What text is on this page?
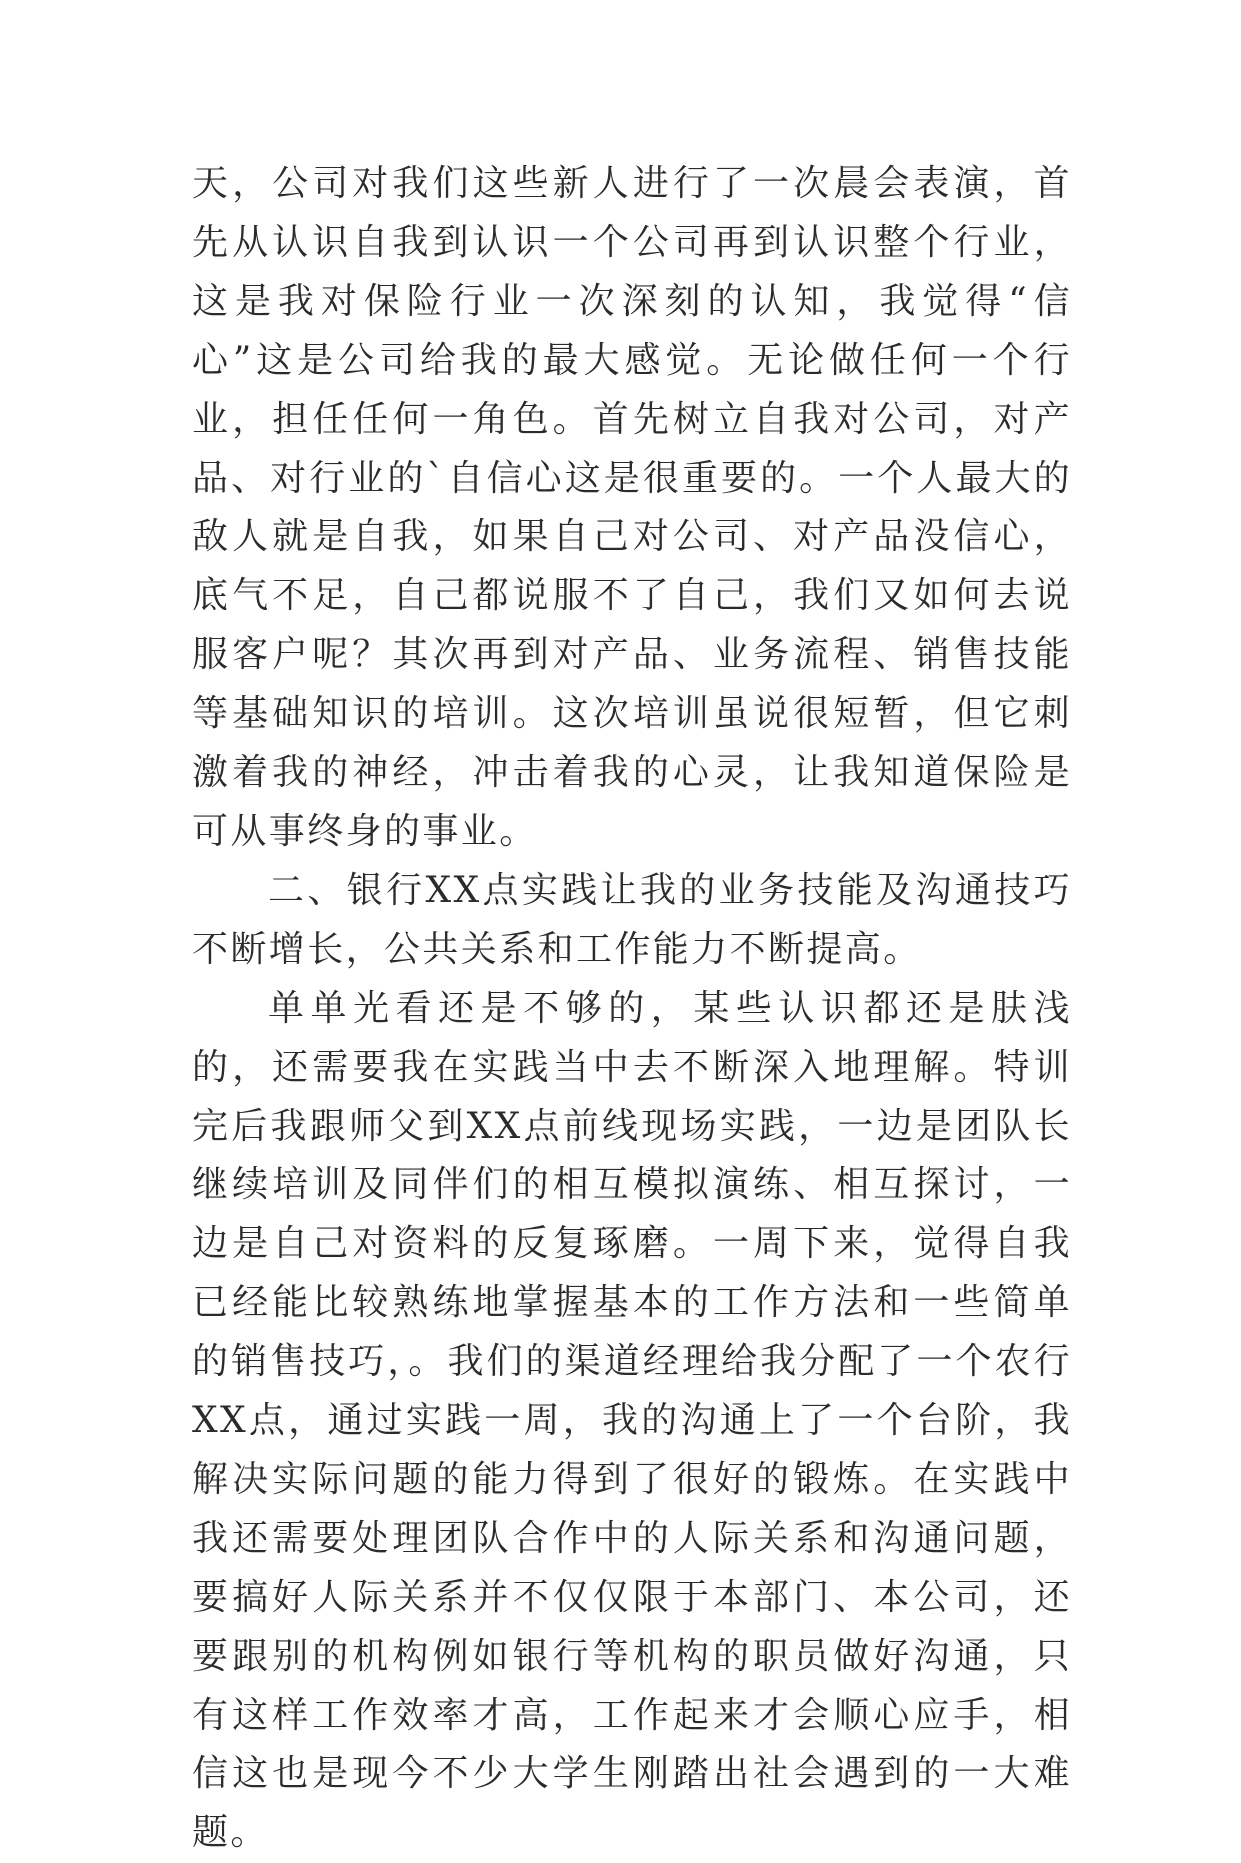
天，公司对我们这些新人进行了一次晨会表演，首先从认识自我到认识一个公司再到认识整个行业，这是我对保险行业一次深刻的认知，我觉得“信心”这是公司给我的最大感觉。无论做任何一个行业，担任任何一角色。首先树立自我对公司，对产品、对行业的`自信心这是很重要的。一个人最大的敌人就是自我，如果自己对公司、对产品没信心，底气不足，自己都说服不了自己，我们又如何去说服客户呢？其次再到对产品、业务流程、销售技能等基础知识的培训。这次培训虽说很短暂，但它刺激着我的神经，冲击着我的心灵，让我知道保险是可从事终身的事业。

二、银行XX点实践让我的业务技能及沟通技巧不断增长，公共关系和工作能力不断提高。

单单光看还是不够的，某些认识都还是肤浅的，还需要我在实践当中去不断深入地理解。特训完后我跟师父到XX点前线现场实践，一边是团队长继续培训及同伴们的相互模拟演练、相互探讨，一边是自己对资料的反复琢磨。一周下来，觉得自我已经能比较熟练地掌握基本的工作方法和一些简单的销售技巧，。我们的渠道经理给我分配了一个农行XX点，通过实践一周，我的沟通上了一个台阶，我解决实际问题的能力得到了很好的锻炼。在实践中我还需要处理团队合作中的人际关系和沟通问题，要搞好人际关系并不仅仅限于本部门、本公司，还要跟别的机构例如银行等机构的职员做好沟通，只有这样工作效率才高，工作起来才会顺心应手，相信这也是现今不少大学生刚踏出社会遇到的一大难题。
